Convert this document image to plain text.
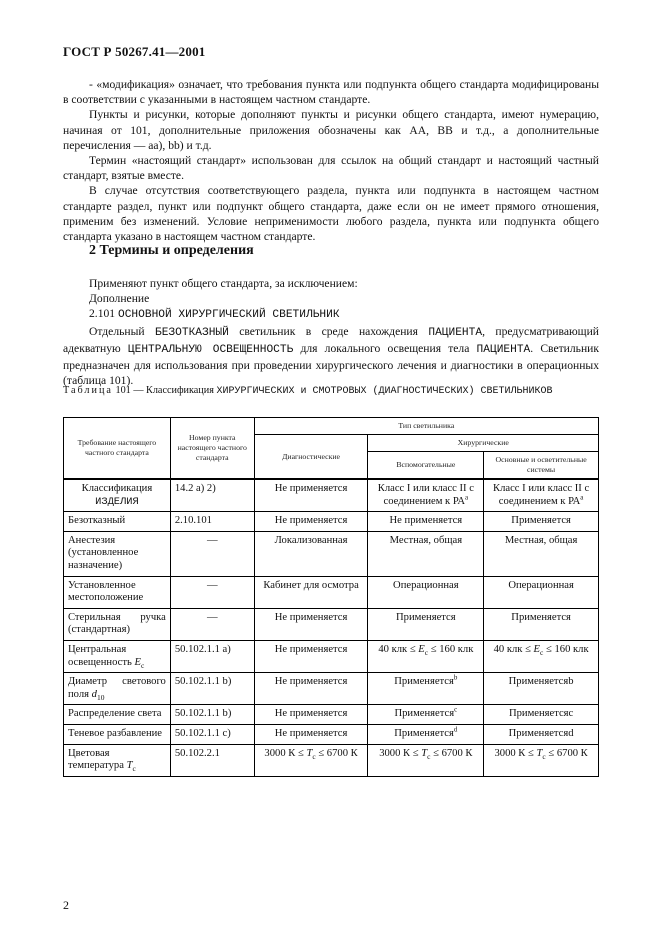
ГОСТ Р 50267.41—2001

- «модификация» означает, что требования пункта или подпункта общего стандарта модифицированы в соответствии с указанными в настоящем частном стандарте.

Пункты и рисунки, которые дополняют пункты и рисунки общего стандарта, имеют нумерацию, начиная от 101, дополнительные приложения обозначены как АА, ВВ и т.д., а дополнительные перечисления — аа), bb) и т.д.

Термин «настоящий стандарт» использован для ссылок на общий стандарт и настоящий частный стандарт, взятые вместе.

В случае отсутствия соответствующего раздела, пункта или подпункта в настоящем частном стандарте раздел, пункт или подпункт общего стандарта, даже если он не имеет прямого отношения, применим без изменений. Условие неприменимости любого раздела, пункта или подпункта общего стандарта указано в настоящем частном стандарте.

2 Термины и определения

Применяют пункт общего стандарта, за исключением:

Дополнение

2.101 ОСНОВНОЙ ХИРУРГИЧЕСКИЙ СВЕТИЛЬНИК

Отдельный БЕЗОТКАЗНЫЙ светильник в среде нахождения ПАЦИЕНТА, предусматривающий адекватную ЦЕНТРАЛЬНУЮ ОСВЕЩЕННОСТЬ для локального освещения тела ПАЦИЕНТА. Светильник предназначен для использования при проведении хирургического лечения и диагностики в операционных (таблица 101).

Таблица 101 — Классификация ХИРУРГИЧЕСКИХ и СМОТРОВЫХ (ДИАГНОСТИЧЕСКИХ) СВЕТИЛЬНИКОВ
Требование настоящего частного стандарта	Номер пункта настоящего частного стандарта	Тип светильника		
		Диагностические	Хирургические	
			Вспомогательные	Основные и осветительные системы
Классификация
ИЗДЕЛИЯ	14.2 а) 2)	Не применяется	Класс I или класс II с соединением к $РА^a$	Класс I или класс II с соединением к $РА^a$
Безотказный	2.10.101	Не применяется	Не применяется	Применяется
Анестезия (установленное назначение)	—	Локализованная	Местная, общая	Местная, общая
Установленное местоположение	—	Кабинет для осмотра	Операционная	Операционная
Стерильная ручка (стандартная)	—	Не применяется	Применяется	Применяется
Центральная освещенность $E_c$	50.102.1.1 а)	Не применяется	40 клк ≤ $E_c \le 160$ клк	40 клк ≤ $E_c \le 160$ клк
Диаметр светового поля $d_{10}$	50.102.1.1 b)	Не применяется	Применяется$^b$	Применяетсяb
Распределение света	50.102.1.1 b)	Не применяется	Применяется$^c$	Применяетсяс
Теневое разбавление	50.102.1.1 с)	Не применяется	Применяется$^d$	Применяетсяd
Цветовая температура $T_c$	50.102.2.1	3000 $К \le T_c \le 6700$ К	3000 $К \le T_c \le 6700$ К	3000 $К \le T_c \le 6700$ К
2
